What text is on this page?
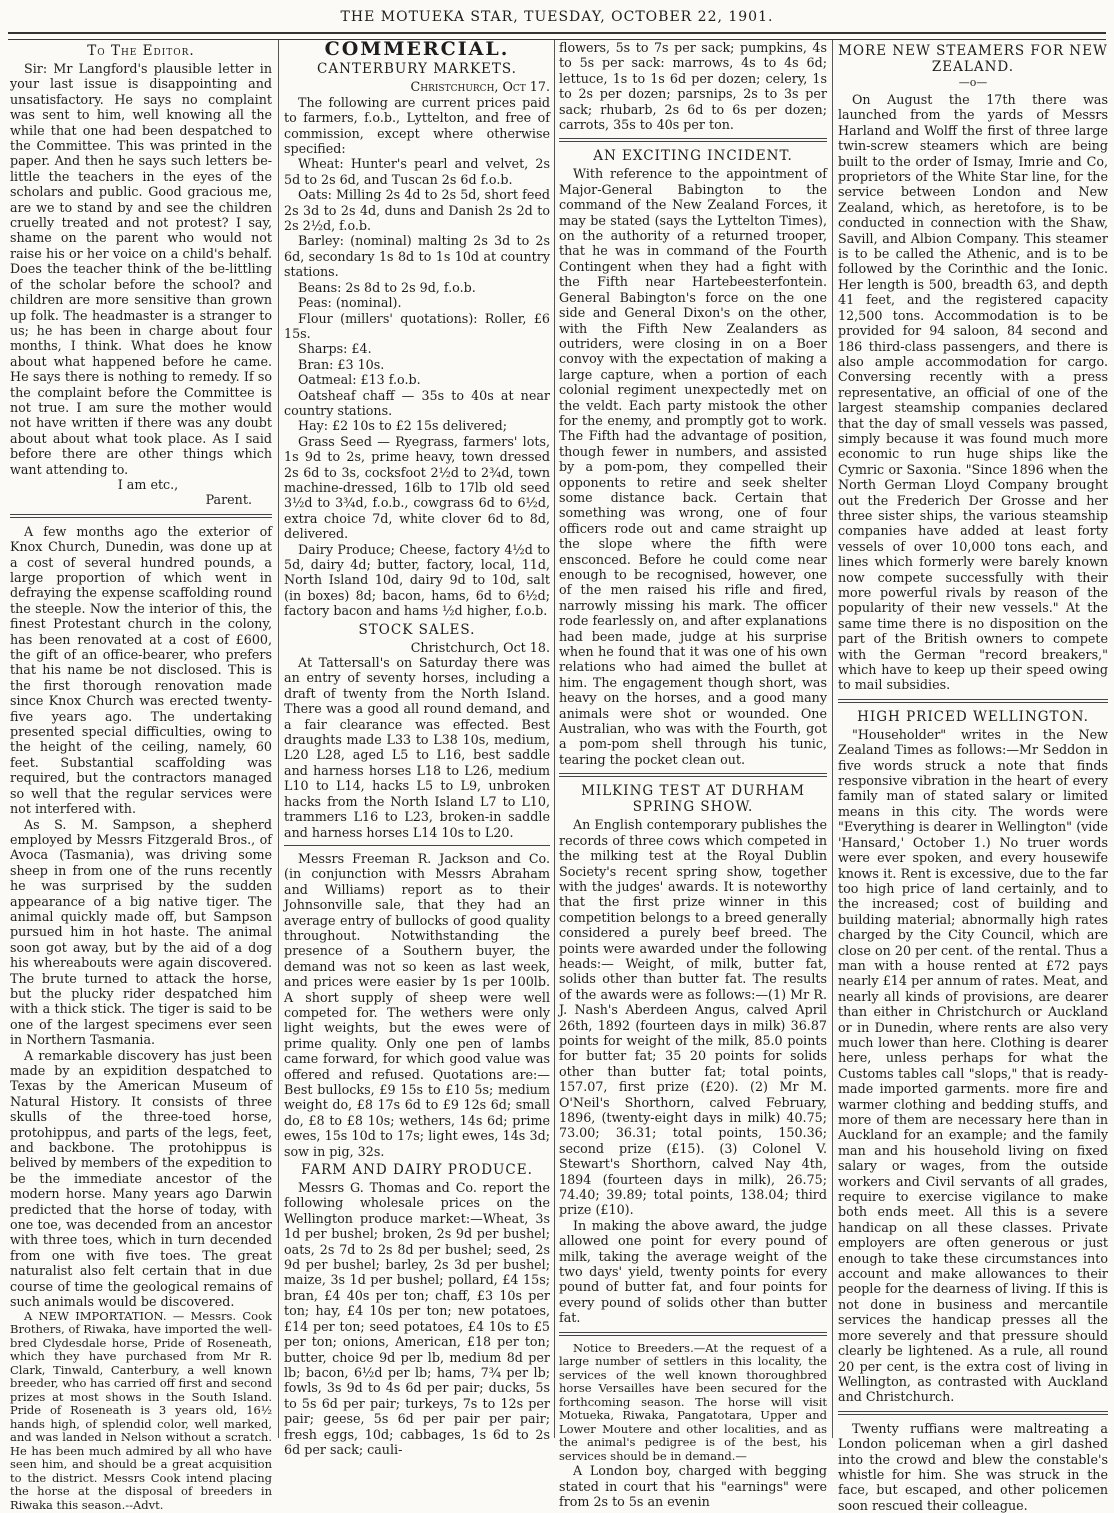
THE MOTUEKA STAR, TUESDAY, OCTOBER 22, 1901.
To The Editor.

Sir: Mr Langford's plausible letter in your last issue is disappointing and unsatisfactory. He says no complaint was sent to him, well knowing all the while that one had been despatched to the Committee. This was printed in the paper. And then he says such letters be-little the teachers in the eyes of the scholars and public. Good gracious me, are we to stand by and see the children cruelly treated and not protest? I say, shame on the parent who would not raise his or her voice on a child's behalf. Does the teacher think of the be-littling of the scholar before the school? and children are more sensitive than grown up folk. The headmaster is a stranger to us; he has been in charge about four months, I think. What does he know about what happened before he came. He says there is nothing to remedy. If so the complaint before the Committee is not true. I am sure the mother would not have written if there was any doubt about about what took place. As I said before there are other things which want attending to.

I am etc.,

Parent.

A few months ago the exterior of Knox Church, Dunedin, was done up at a cost of several hundred pounds, a large proportion of which went in defraying the expense scaffolding round the steeple. Now the interior of this, the finest Protestant church in the colony, has been renovated at a cost of £600, the gift of an office-bearer, who prefers that his name be not disclosed. This is the first thorough renovation made since Knox Church was erected twenty-five years ago. The undertaking presented special difficulties, owing to the height of the ceiling, namely, 60 feet. Substantial scaffolding was required, but the contractors managed so well that the regular services were not interfered with.

As S. M. Sampson, a shepherd employed by Messrs Fitzgerald Bros., of Avoca (Tasmania), was driving some sheep in from one of the runs recently he was surprised by the sudden appearance of a big native tiger. The animal quickly made off, but Sampson pursued him in hot haste. The animal soon got away, but by the aid of a dog his whereabouts were again discovered. The brute turned to attack the horse, but the plucky rider despatched him with a thick stick. The tiger is said to be one of the largest specimens ever seen in Northern Tasmania.

A remarkable discovery has just been made by an expidition despatched to Texas by the American Museum of Natural History. It consists of three skulls of the three-toed horse, protohippus, and parts of the legs, feet, and backbone. The protohippus is belived by members of the expedition to be the immediate ancestor of the modern horse. Many years ago Darwin predicted that the horse of today, with one toe, was decended from an ancestor with three toes, which in turn decended from one with five toes. The great naturalist also felt certain that in due course of time the geological remains of such animals would be discovered.

A NEW IMPORTATION. — Messrs. Cook Brothers, of Riwaka, have imported the well-bred Clydesdale horse, Pride of Roseneath, which they have purchased from Mr R. Clark, Tinwald, Canterbury, a well known breeder, who has carried off first and second prizes at most shows in the South Island. Pride of Roseneath is 3 years old, 16½ hands high, of splendid color, well marked, and was landed in Nelson without a scratch. He has been much admired by all who have seen him, and should be a great acquisition to the district. Messrs Cook intend placing the horse at the disposal of breeders in Riwaka this season.--Advt.

COMMERCIAL.
CANTERBURY MARKETS.

Christchurch, Oct 17.

The following are current prices paid to farmers, f.o.b., Lyttelton, and free of commission, except where otherwise specified:

Wheat: Hunter's pearl and velvet, 2s 5d to 2s 6d, and Tuscan 2s 6d f.o.b.

Oats: Milling 2s 4d to 2s 5d, short feed 2s 3d to 2s 4d, duns and Danish 2s 2d to 2s 2½d, f.o.b.

Barley: (nominal) malting 2s 3d to 2s 6d, secondary 1s 8d to 1s 10d at country stations.

Beans: 2s 8d to 2s 9d, f.o.b.

Peas: (nominal).

Flour (millers' quotations): Roller, £6 15s.

Sharps: £4.

Bran: £3 10s.

Oatmeal: £13 f.o.b.

Oatsheaf chaff — 35s to 40s at near country stations.

Hay: £2 10s to £2 15s delivered;

Grass Seed — Ryegrass, farmers' lots, 1s 9d to 2s, prime heavy, town dressed 2s 6d to 3s, cocksfoot 2½d to 2¾d, town machine-dressed, 16lb to 17lb old seed 3½d to 3¾d, f.o.b., cowgrass 6d to 6½d, extra choice 7d, white clover 6d to 8d, delivered.

Dairy Produce; Cheese, factory 4½d to 5d, dairy 4d; butter, factory, local, 11d, North Island 10d, dairy 9d to 10d, salt (in boxes) 8d; bacon, hams, 6d to 6½d; factory bacon and hams ½d higher, f.o.b.

STOCK SALES.

Christchurch, Oct 18.

At Tattersall's on Saturday there was an entry of seventy horses, including a draft of twenty from the North Island. There was a good all round demand, and a fair clearance was effected. Best draughts made L33 to L38 10s, medium, L20 L28, aged L5 to L16, best saddle and harness horses L18 to L26, medium L10 to L14, hacks L5 to L9, unbroken hacks from the North Island L7 to L10, trammers L16 to L23, broken-in saddle and harness horses L14 10s to L20.

Messrs Freeman R. Jackson and Co. (in conjunction with Messrs Abraham and Williams) report as to their Johnsonville sale, that they had an average entry of bullocks of good quality throughout. Notwithstanding the presence of a Southern buyer, the demand was not so keen as last week, and prices were easier by 1s per 100lb. A short supply of sheep were well competed for. The wethers were only light weights, but the ewes were of prime quality. Only one pen of lambs came forward, for which good value was offered and refused. Quotations are:—Best bullocks, £9 15s to £10 5s; medium weight do, £8 17s 6d to £9 12s 6d; small do, £8 to £8 10s; wethers, 14s 6d; prime ewes, 15s 10d to 17s; light ewes, 14s 3d; sow in pig, 32s.

FARM AND DAIRY PRODUCE.

Messrs G. Thomas and Co. report the following wholesale prices on the Wellington produce market:—Wheat, 3s 1d per bushel; broken, 2s 9d per bushel; oats, 2s 7d to 2s 8d per bushel; seed, 2s 9d per bushel; barley, 2s 3d per bushel; maize, 3s 1d per bushel; pollard, £4 15s; bran, £4 40s per ton; chaff, £3 10s per ton; hay, £4 10s per ton; new potatoes, £14 per ton; seed potatoes, £4 10s to £5 per ton; onions, American, £18 per ton; butter, choice 9d per lb, medium 8d per lb; bacon, 6½d per lb; hams, 7¾ per lb; fowls, 3s 9d to 4s 6d per pair; ducks, 5s to 5s 6d per pair; turkeys, 7s to 12s per pair; geese, 5s 6d per pair per pair; fresh eggs, 10d; cabbages, 1s 6d to 2s 6d per sack; cauli-

flowers, 5s to 7s per sack; pumpkins, 4s to 5s per sack: marrows, 4s to 4s 6d; lettuce, 1s to 1s 6d per dozen; celery, 1s to 2s per dozen; parsnips, 2s to 3s per sack; rhubarb, 2s 6d to 6s per dozen; carrots, 35s to 40s per ton.

AN EXCITING INCIDENT.

With reference to the appointment of Major-General Babington to the command of the New Zealand Forces, it may be stated (says the Lyttelton Times), on the authority of a returned trooper, that he was in command of the Fourth Contingent when they had a fight with the Fifth near Hartebeesterfontein. General Babington's force on the one side and General Dixon's on the other, with the Fifth New Zealanders as outriders, were closing in on a Boer convoy with the expectation of making a large capture, when a portion of each colonial regiment unexpectedly met on the veldt. Each party mistook the other for the enemy, and promptly got to work. The Fifth had the advantage of position, though fewer in numbers, and assisted by a pom-pom, they compelled their opponents to retire and seek shelter some distance back. Certain that something was wrong, one of four officers rode out and came straight up the slope where the fifth were ensconced. Before he could come near enough to be recognised, however, one of the men raised his rifle and fired, narrowly missing his mark. The officer rode fearlessly on, and after explanations had been made, judge at his surprise when he found that it was one of his own relations who had aimed the bullet at him. The engagement though short, was heavy on the horses, and a good many animals were shot or wounded. One Australian, who was with the Fourth, got a pom-pom shell through his tunic, tearing the pocket clean out.

MILKING TEST AT DURHAM SPRING SHOW.

An English contemporary publishes the records of three cows which competed in the milking test at the Royal Dublin Society's recent spring show, together with the judges' awards. It is noteworthy that the first prize winner in this competition belongs to a breed generally considered a purely beef breed. The points were awarded under the following heads:— Weight, of milk, butter fat, solids other than butter fat. The results of the awards were as follows:—(1) Mr R. J. Nash's Aberdeen Angus, calved April 26th, 1892 (fourteen days in milk) 36.87 points for weight of the milk, 85.0 points for butter fat; 35 20 points for solids other than butter fat; total points, 157.07, first prize (£20). (2) Mr M. O'Neil's Shorthorn, calved February, 1896, (twenty-eight days in milk) 40.75; 73.00; 36.31; total points, 150.36; second prize (£15). (3) Colonel V. Stewart's Shorthorn, calved Nay 4th, 1894 (fourteen days in milk), 26.75; 74.40; 39.89; total points, 138.04; third prize (£10).

In making the above award, the judge allowed one point for every pound of milk, taking the average weight of the two days' yield, twenty points for every pound of butter fat, and four points for every pound of solids other than butter fat.

Notice to Breeders.—At the request of a large number of settlers in this locality, the services of the well known thoroughbred horse Versailles have been secured for the forthcoming season. The horse will visit Motueka, Riwaka, Pangatotara, Upper and Lower Moutere and other localities, and as the animal's pedigree is of the best, his services should be in demand.—

A London boy, charged with begging stated in court that his "earnings" were from 2s to 5s an evenin

MORE NEW STEAMERS FOR NEW ZEALAND.
—o—

On August the 17th there was launched from the yards of Messrs Harland and Wolff the first of three large twin-screw steamers which are being built to the order of Ismay, Imrie and Co, proprietors of the White Star line, for the service between London and New Zealand, which, as heretofore, is to be conducted in connection with the Shaw, Savill, and Albion Company. This steamer is to be called the Athenic, and is to be followed by the Corinthic and the Ionic. Her length is 500, breadth 63, and depth 41 feet, and the registered capacity 12,500 tons. Accommodation is to be provided for 94 saloon, 84 second and 186 third-class passengers, and there is also ample accommodation for cargo. Conversing recently with a press representative, an official of one of the largest steamship companies declared that the day of small vessels was passed, simply because it was found much more economic to run huge ships like the Cymric or Saxonia. "Since 1896 when the North German Lloyd Company brought out the Frederich Der Grosse and her three sister ships, the various steamship companies have added at least forty vessels of over 10,000 tons each, and lines which formerly were barely known now compete successfully with their more powerful rivals by reason of the popularity of their new vessels." At the same time there is no disposition on the part of the British owners to compete with the German "record breakers," which have to keep up their speed owing to mail subsidies.

HIGH PRICED WELLINGTON.

"Householder" writes in the New Zealand Times as follows:—Mr Seddon in five words struck a note that finds responsive vibration in the heart of every family man of stated salary or limited means in this city. The words were "Everything is dearer in Wellington" (vide 'Hansard,' October 1.) No truer words were ever spoken, and every housewife knows it. Rent is excessive, due to the far too high price of land certainly, and to the increased; cost of building and building material; abnormally high rates charged by the City Council, which are close on 20 per cent. of the rental. Thus a man with a house rented at £72 pays nearly £14 per annum of rates. Meat, and nearly all kinds of provisions, are dearer than either in Christchurch or Auckland or in Dunedin, where rents are also very much lower than here. Clothing is dearer here, unless perhaps for what the Customs tables call "slops," that is ready-made imported garments. more fire and warmer clothing and bedding stuffs, and more of them are necessary here than in Auckland for an example; and the family man and his household living on fixed salary or wages, from the outside workers and Civil servants of all grades, require to exercise vigilance to make both ends meet. All this is a severe handicap on all these classes. Private employers are often generous or just enough to take these circumstances into account and make allowances to their people for the dearness of living. If this is not done in business and mercantile services the handicap presses all the more severely and that pressure should clearly be lightened. As a rule, all round 20 per cent, is the extra cost of living in Wellington, as contrasted with Auckland and Christchurch.

Twenty ruffians were maltreating a London policeman when a girl dashed into the crowd and blew the constable's whistle for him. She was struck in the face, but escaped, and other policemen soon rescued their colleague.
